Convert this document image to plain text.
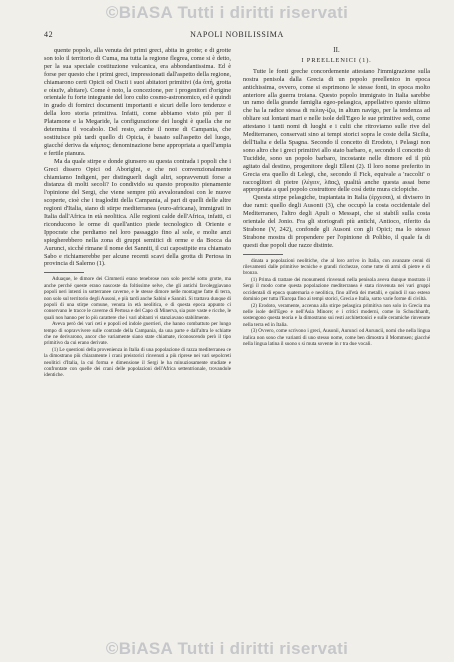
©BiASA Tutti i diritti riservati
42	NAPOLI NOBILISSIMA

quente popolo, alla venuta dei primi greci, abita in grotte; e di grotte son tolo il territorio di Cuma, ma tutta la regione flegrea, come si è detto, per la sua speciale costituzione vulcanica, era abbondantissima. Ed è forse per questo che i primi greci, impressionati dall'aspetto della regione, chiamarono certi Opicii od Oscii i suoi abitatori primitivi (da ὀπή, grotta e οἰκεῖν, abitare). Come è noto, la concezione, per i progenitori d'origine orientale fu forte integrante del loro culto cosmo-astronomico, ed è quindi in grado di fornirci documenti importanti e sicuri delle loro tendenze e della loro storia primitiva. Infatti, come abbiamo visto più per il Platamone e la Megaride, la configurazione dei luoghi è quella che ne determina il vocabolo. Del resto, anche il nome di Campania, che sostituisce più tardi quello di Opicia, è basato sull'aspetto del luogo, giacché deriva da κάμπος; denominazione bene appropriata a quell'ampia e fertile pianura.

Ma da quale stirpe e donde giunsero su questa contrada i popoli che i Greci dissero Opici od Aborigini, e che noi convenzionalmente chiamiamo Indigeni, per distinguerli dagli altri, sopravvenuti forse a distanza di molti secoli? Io condivido su questo proposito pienamente l'opinione del Sergi, che viene sempre più avvalorandosi con le nuove scoperte, cioè che i tragloditi della Campania, al pari di quelli delle altre regioni d'Italia, siano di stirpe mediterranea (euro-africana), immigrati in Italia dall'Africa in età neolitica. Alle regioni calde dell'Africa, infatti, ci riconducono le orme di quell'antico piede tecnologico di Oriente e Ippocrate che perdiamo nel loro passaggio fino al sole, e molte anzi spiegherebbero nella zona di gruppi semitici di orme e da Bocca da Aurunci, sicché rimane il nome dei Sanniti, il cui capostipite era chiamato Sabo e richiamerebbe per alcune recenti scavi della grotta di Pertosa in provincia di Salerno (1).

Aduaque, le dimore dei Cimmerii erano tenebrose non solo perché sotto grotte, ma anche perché queste erano nascoste da foltissime selve, che gli antichi favoleggiavano popoli neri intenti in sotterranee caverne, e le stesse dimore nelle montagne fatte di terra, non solo sul territorio degli Ausoni, e più tardi anche Sabini e Sanniti. Si trattava dunque di popoli di una stirpe comune, venuta in età neolitica, e di questa epoca appunto ci conservano le tracce le caverne di Pertosa e del Capo di Minerva, sia pure vaste e ricche, le quali non hanno per lo più carattere che i vari abitanti vi stanziavano stabilmente.

Aveva però dei vari ceti e popoli ed indole guerrieri, che hanno combattuto per lungo tempo di sopravvivere sulle contrade della Campania, da una parte e dall'altra le schiatte che ne derivarono, ancor che variamente siano state chiamate, riconoscendo però il tipo primitivo da cui erano derivate.

(1) Le questioni della provenienza in Italia di una popolazione di razza mediterranea ce la dimostrano più chiaramente i crani preistorici rinvenuti a più riprese nei vari sepolcreti neolitici d'Italia, la cui forma e dimensione il Sergi le ha minuziosamente studiate e confrontate con quelle dei crani delle popolazioni dell'Africa settentrionale, trovandole identiche.

II.
I PREELLENICI (1).

Tutte le fonti greche concordemente attestano l'immigrazione sulla nostra penisola dalla Grecia di un popolo preellenico in epoca antichissima, ovvero, come si esprimono le stesse fonti, in epoca molto anteriore alla guerra troiana. Questo popolo immigrato in Italia sarebbe un ramo della grande famiglia egeo-pelasgica, appellativo questo ultimo che ha la radice stessa di πελαγ-ίζω, in altum navigo, per la tendenza ad obliare sui lontani mari e nelle isole dell'Egeo le sue primitive sedi, come attestano i tanti nomi di luoghi e i culti che ritroviamo sulle rive del Mediterraneo, conservati sino ai tempi storici sopra le coste della Sicilia, dell'Italia e della Spagna. Secondo il concetto di Erodoto, i Pelasgi non sono altro che i greci primitivi allo stato barbaro, e, secondo il concetto di Tucidide, sono un popolo barbaro, incostante nelle dimore ed il più agitato dal destino, progenitore degli Elleni (2). Il loro nome preferito in Grecia era quello di Lelegi, che, secondo il Fick, equivale a 'raccolti' o raccoglitori di pietre (λέγειν, λᾶας), qualità anche questa assai bene appropriata a quel popolo costruttore delle così dette mura ciclopiche.

Questa stirpe pelasgiche, trapiantata in Italia (ἐρχεσαι), si divisero in due rami: quello degli Ausonii (3), che occupò la costa occidentale del Mediterraneo, l'altro degli Apuli o Messapi, che si stabilì sulla costa orientale del Jonio. Fra gli storiografi più antichi, Antioco, riferito da Strabone (V, 242), confonde gli Ausoni con gli Opici; ma lo stesso Strabone mostra di propendere per l'opinione di Polibio, il quale fa di questi due popoli due razze distinte.

dinata a popolazioni neolitiche, che al loro arrivo in Italia, con avanzate cenni di rilevamenti dalle primitive tecniche e grandi ricchezze, come tutte di armi di pietre e di bronzo.

(1) Prima di trattare dei monumenti rinvenuti nella penisola aveva dunque mostrato il Sergi il modo come questa popolazione mediterranea è stata rinvenuta nei vari gruppi occidentali di epoca quaternaria e neolitica, fino all'età dei metalli, e quindi il suo esteso dominio per tutta l'Europa fino ai tempi storici, Grecia e Italia, sotto varie forme di civiltà.

(2) Erodoto, veramente, accenna alla stirpe pelasgica primitiva non solo in Grecia ma nelle isole dell'Egeo e nell'Asia Minore; e i critici moderni, come lo Schuchhardt, sostengono questa teoria e la dimostrano sui resti architettonici e sulle ceramiche rinvenute nella terra ed in Italia.

(3) Ovvero, come scrivono i greci, Ausonii, Aurunci od Auruncii, nomi che nella lingua italica non sono che varianti di uno stesso nome, come ben dimostra il Mommsen; giacché nella lingua latina il suono s si muta sovente in r tra due vocali.

©BiASA Tutti i diritti riservati
